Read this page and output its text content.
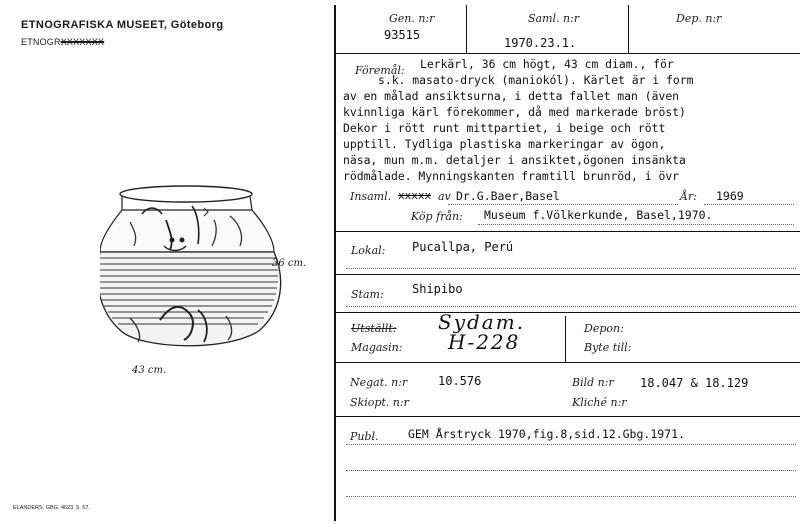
ETNOGRAFISKA MUSEET, Göteborg
ETNOGRXXXXXXX
36 cm.
43 cm.
ELANDERS. GBG. 4623. 5. 67.
Gen. n:r
93515
Saml. n:r
1970.23.1.
Dep. n:r
Föremål: Lerkärl, 36 cm högt, 43 cm diam., för
s.k. masato-dryck (maniokól). Kärlet är i form
av en målad ansiktsurna, i detta fallet man (även
kvinnliga kärl förekommer, då med markerade bröst)
Dekor i rött runt mittpartiet, i beige och rött
upptill. Tydliga plastiska markeringar av ögon,
näsa, mun m.m. detaljer i ansiktet,ögonen insänkta
rödmålade. Mynningskanten framtill brunröd, i övr
Insaml. xxxxx av Dr.G.Baer,Basel	År: 1969
Köp från: Museum f.Völkerkunde, Basel,1970.
Lokal: Pucallpa, Perú
Stam: Shipibo
Utställt: Sydam.
Magasin: H-228
Depon:
Byte till:
Negat. n:r	10.576	Bild n:r 18.047 & 18.129
Skiopt. n:r	Kliché n:r
Publ.	GEM Årstryck 1970,fig.8,sid.12.Gbg.1971.
